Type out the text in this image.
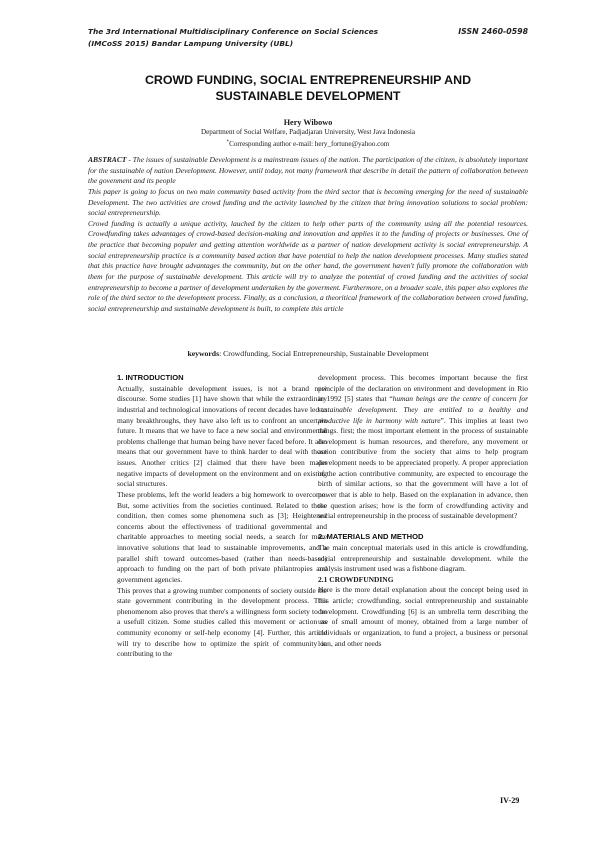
The 3rd International Multidisciplinary Conference on Social Sciences
(IMCoSS 2015) Bandar Lampung University (UBL)
ISSN 2460-0598
CROWD FUNDING, SOCIAL ENTREPRENEURSHIP AND
SUSTAINABLE DEVELOPMENT
Hery Wibowo
Department of Social Welfare, Padjadjaran University, West Java Indonesia
*Corresponding author e-mail: hery_fortune@yahoo.com

ABSTRACT - The issues of sustainable Development is a mainstream issues of the nation. The participation of the citizen, is absolutely important for the sustainable of nation Development. However, until today, not many framework that describe in detail the pattern of collaboration between the govenment and its people

This paper is going to focus on two main community based activity from the third sector that is becoming emerging for the need of sustainable Development. The two activities are crowd funding and the activity launched by the citizen that bring innovation solutions to social problem: social entrepreneurship.

Crowd funding is actually a unique activity, lauched by the citizen to help other parts of the community using all the potential resources. Crowdfunding takes advantages of crowd-based decision-making and innovation and applies it to the funding of projects or businesses. One of the practice that becoming populer and getting attention worldwide as a partner of nation development activity is social entrepreneurship. A social entrepreneurship practice is a community based action that have potential to help the nation development processes. Many studies stated that this practice have brought advantages the community, but on the other hand, the government haven't fully promote the collaboration with them for the purpose of sustainable development. This article will try to analyze the potential of crowd funding and the activities of social entrepreneurship to become a partner of development undertaken by the goverment. Furthermore, on a broader scale, this paper also explores the role of the third sector to the development process. Finally, as a conclusion, a theoritical framework of the collaboration between crowd funding, social entrepreneurship and sustainable development is built, to complete this article

keywords: Crowdfunding, Social Entrepreneurship, Sustainable Development

1. INTRODUCTION

Actually, sustainable development issues, is not a brand new discourse. Some studies [1] have shown that while the extraordinary industrial and technological innovations of recent decades have led to many breakthroughs, they have also left us to confront an uncertain future. It means that we have to face a new social and environmental problems challenge that human being have never faced before. It also means that our government have to think harder to deal with those issues. Another critics [2] claimed that there have been major negative impacts of development on the environment and on existing social structures.

These problems, left the world leaders a big homework to overcome. But, some activities from the societies continued. Related to those condition, then comes some phenomena such as [3]; Heightened concerns about the effectiveness of traditional governmental and charitable approaches to meeting social needs, a search for more innovative solutions that lead to sustainable improvements, and a parallel shift toward outcomes-based (rather than needs-based) approach to funding on the part of both private philantropies and government agencies.

This proves that a growing number components of society outside the state government contributing in the development process. This phenomenom also proves that there's a willingness form society to be a usefull citizen. Some studies called this movement or action as community economy or self-help economy [4]. Further, this article will try to describe how to optimize the spirit of community in contributing to the

development process. This becomes important because the first principle of the declaration on environment and development in Rio in 1992 [5] states that “human beings are the centre of concern for sustainable development. They are entitled to a healthy and productive life in harmony with nature”. This implies at least two things. first; the most important element in the process of sustainable development is human resources, and therefore, any movement or action contributive from the society that aims to help program development needs to be appreciated properly. A proper appreciation of the action contributive community, are expected to encourage the birth of similar actions, so that the government will have a lot of power that is able to help. Based on the explanation in advance, then the question arises; how is the form of crowdfunding activity and social entrepreneurship in the process of sustainable development?

2. MATERIALS AND METHOD

The main conceptual materials used in this article is crowdfunding, social entrepreneurship and sustainable development. while the analysis instrument used was a fishbone diagram.

2.1 CROWDFUNDING

Here is the more detail explanation about the concept being used in this article; crowdfunding, social entrepreneurship and sustainable development. Crowdfunding [6] is an umbrella term describing the use of small amount of money, obtained from a large number of individuals or organization, to fund a project, a business or personal loan, and other needs

IV-29
